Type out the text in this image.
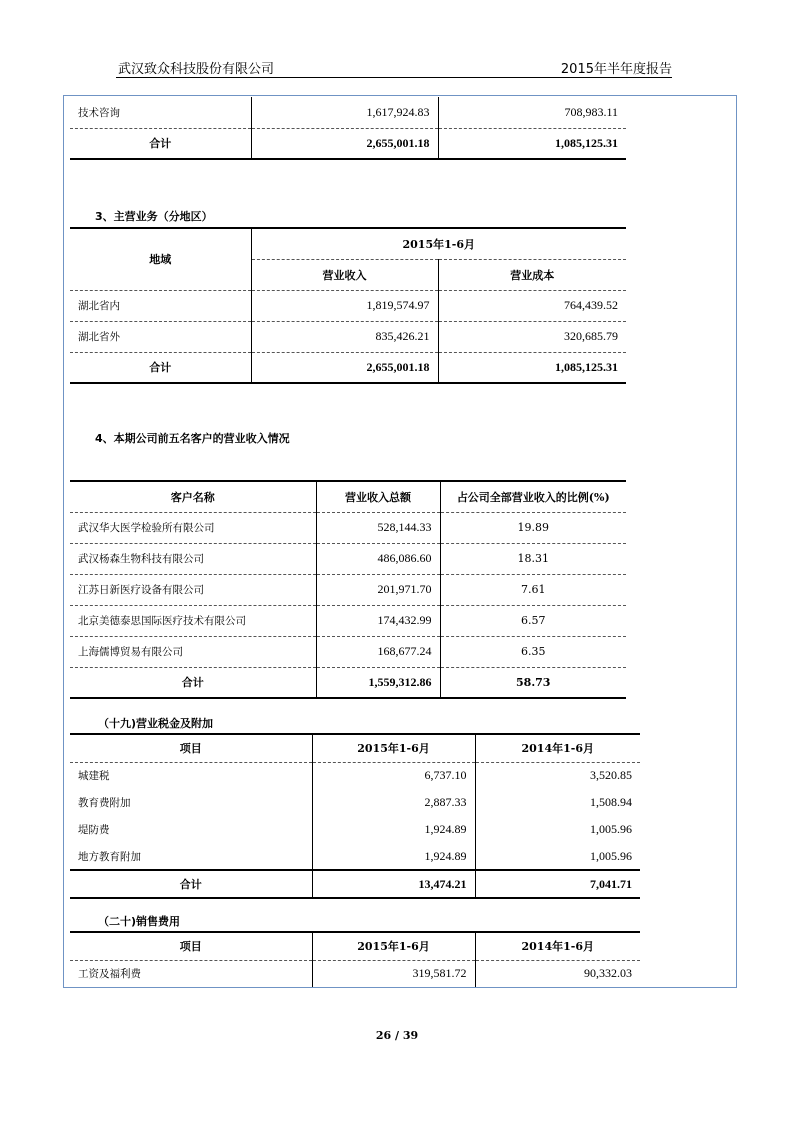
武汉致众科技股份有限公司	2015年半年度报告
技术咨询	1,617,924.83	708,983.11
合计	2,655,001.18	1,085,125.31
3、主营业务（分地区）
地域	2015年1-6月	
	营业收入	营业成本
湖北省内	1,819,574.97	764,439.52
湖北省外	835,426.21	320,685.79
合计	2,655,001.18	1,085,125.31
4、本期公司前五名客户的营业收入情况
客户名称	营业收入总额	占公司全部营业收入的比例(%)
武汉华大医学检验所有限公司	528,144.33	19.89
武汉杨森生物科技有限公司	486,086.60	18.31
江苏日新医疗设备有限公司	201,971.70	7.61
北京美德泰思国际医疗技术有限公司	174,432.99	6.57
上海儒博贸易有限公司	168,677.24	6.35
合计	1,559,312.86	58.73
（十九)营业税金及附加
项目	2015年1-6月	2014年1-6月
城建税	6,737.10	3,520.85
教育费附加	2,887.33	1,508.94
堤防费	1,924.89	1,005.96
地方教育附加	1,924.89	1,005.96
合计	13,474.21	7,041.71
（二十)销售费用
项目	2015年1-6月	2014年1-6月
工资及福利费	319,581.72	90,332.03
26 / 39
